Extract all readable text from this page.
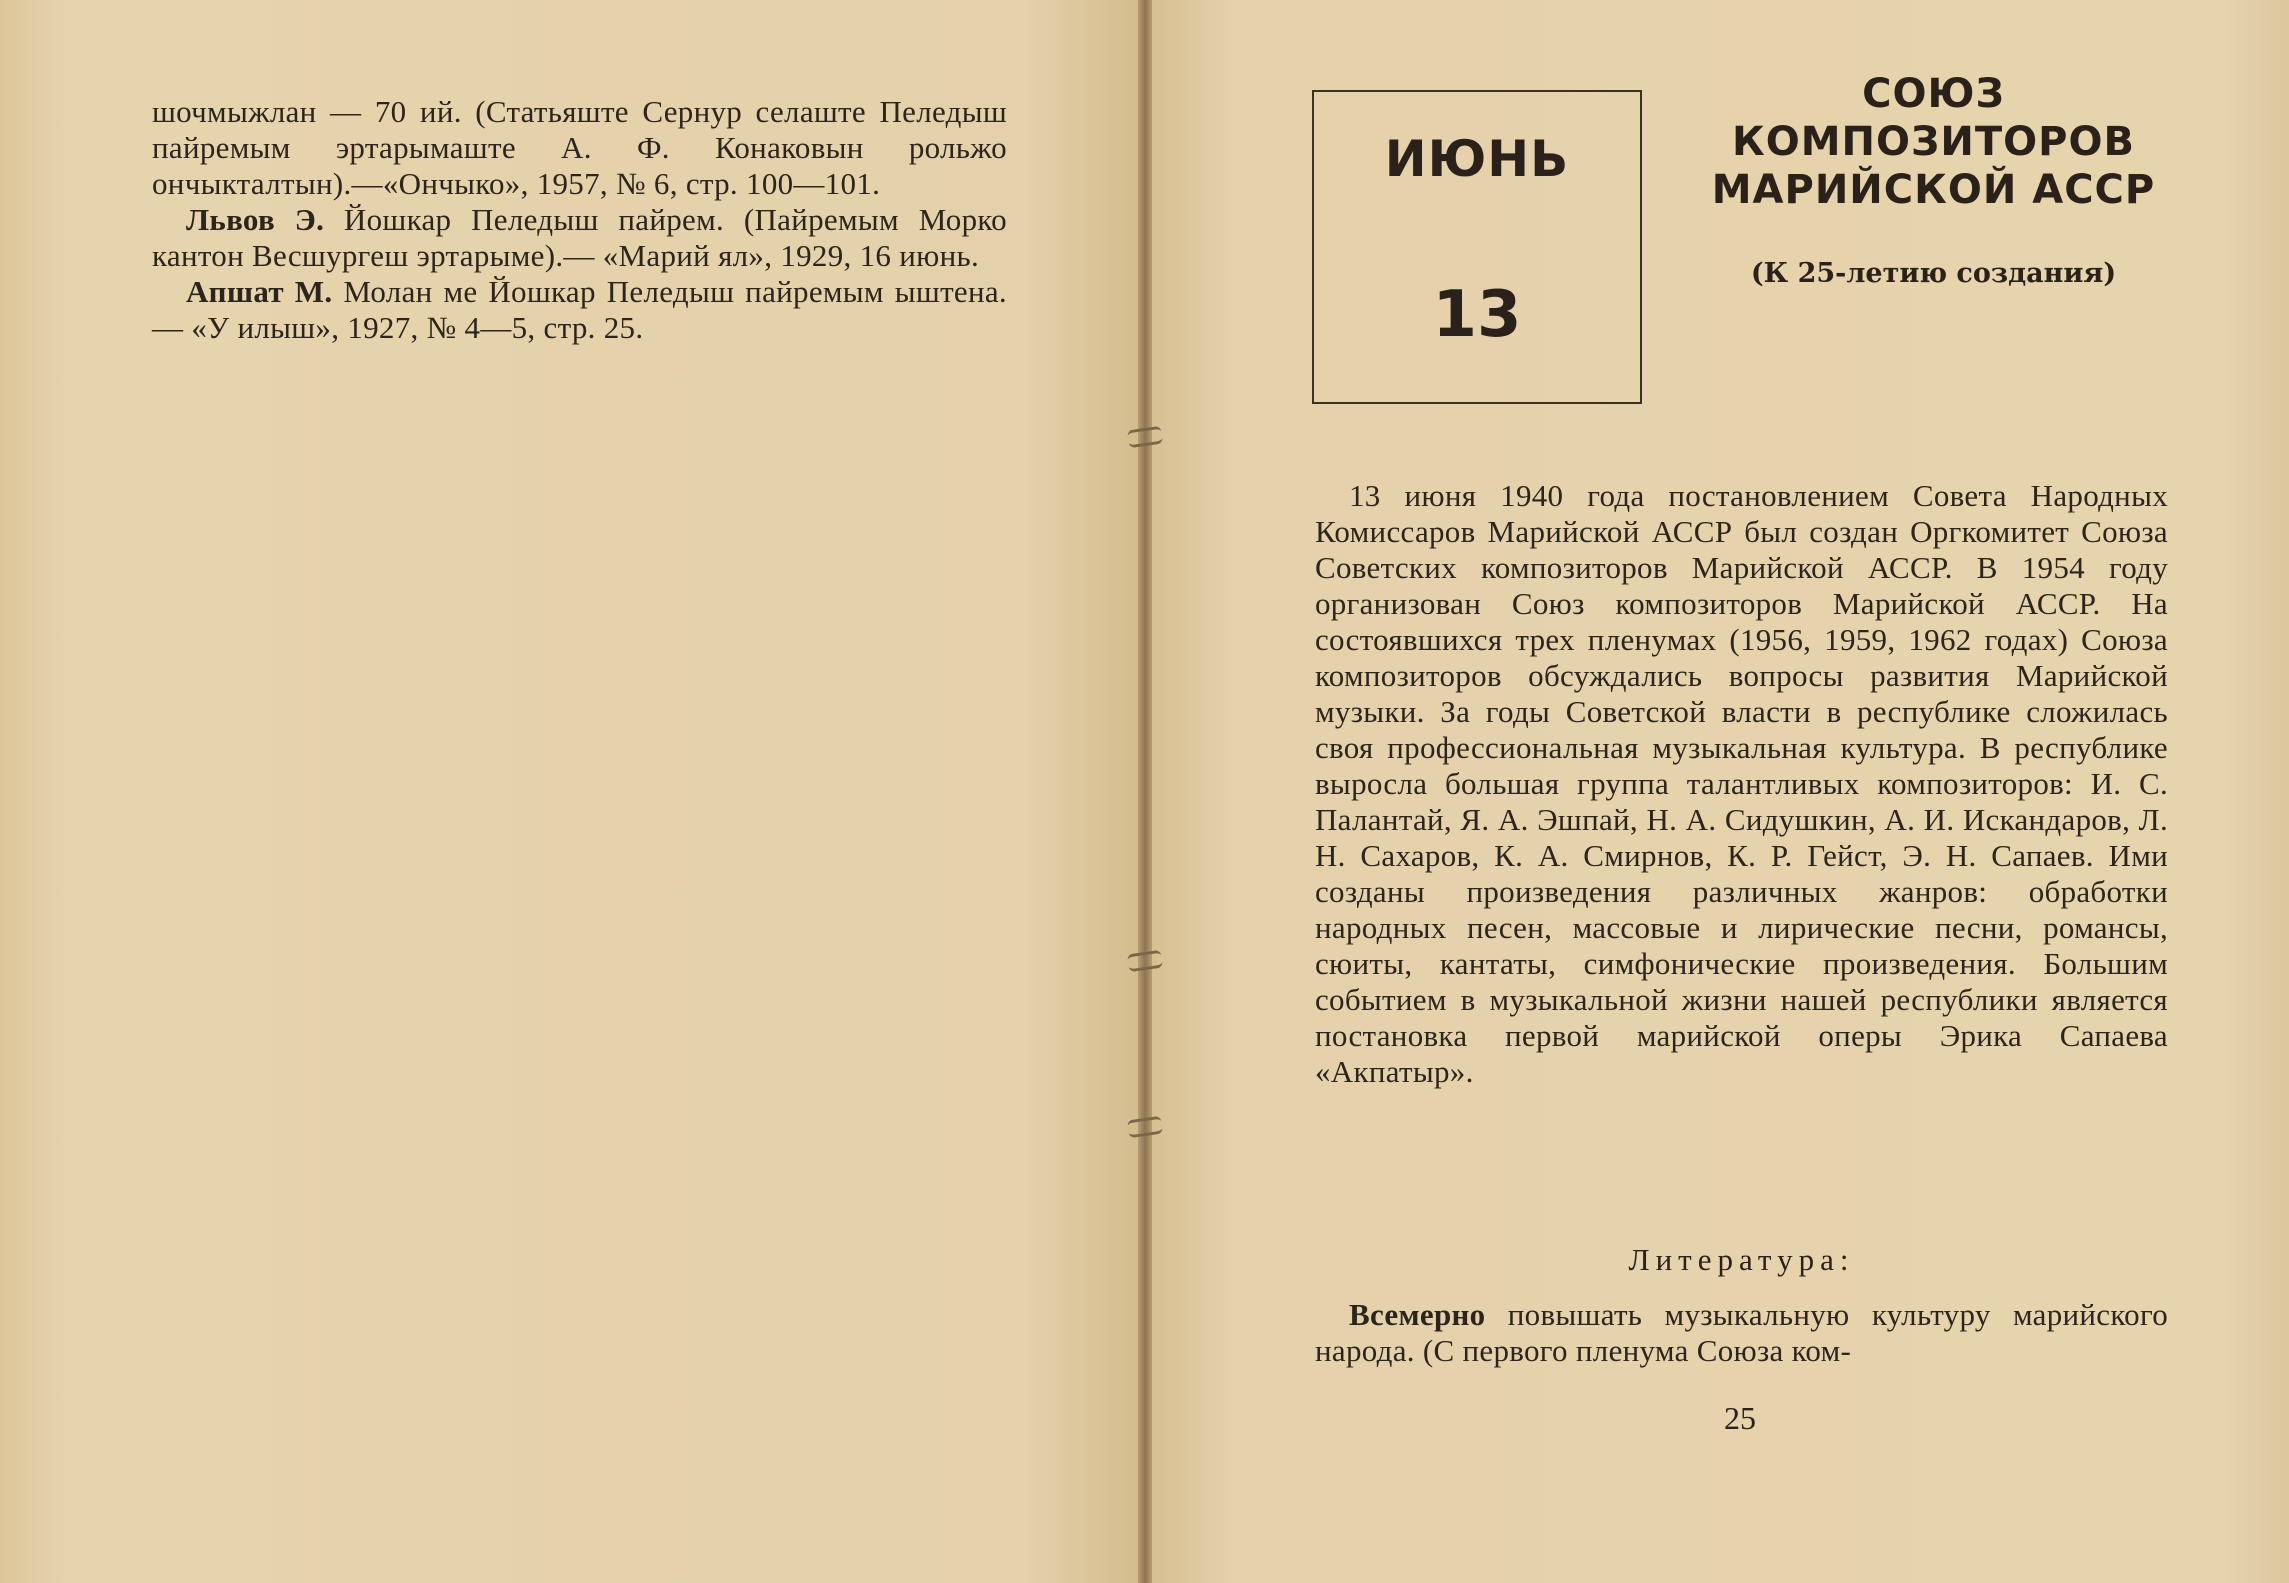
шочмыжлан — 70 ий. (Статьяште Сернур селаште Пеледыш пайремым эртарымаште А. Ф. Конаковын рольжо ончыкталтын).—«Ончыко», 1957, № 6, стр. 100—101.

Львов Э. Йошкар Пеледыш пайрем. (Пайремым Морко кантон Весшургеш эртарыме).— «Марий ял», 1929, 16 июнь.

Апшат М. Молан ме Йошкар Пеледыш пайремым ыштена.— «У илыш», 1927, № 4—5, стр. 25.

ИЮНЬ
13
СОЮЗ
КОМПОЗИТОРОВ
МАРИЙСКОЙ АССР
(К 25-летию создания)

13 июня 1940 года постановлением Совета Народных Комиссаров Марийской АССР был создан Оргкомитет Союза Советских композиторов Марийской АССР. В 1954 году организован Союз композиторов Марийской АССР. На состоявшихся трех пленумах (1956, 1959, 1962 годах) Союза композиторов обсуждались вопросы развития Марийской музыки. За годы Советской власти в республике сложилась своя профессиональная музыкальная культура. В республике выросла большая группа талантливых композиторов: И. С. Палантай, Я. А. Эшпай, Н. А. Сидушкин, А. И. Искандаров, Л. Н. Сахаров, К. А. Смирнов, К. Р. Гейст, Э. Н. Сапаев. Ими созданы произведения различных жанров: обработки народных песен, массовые и лирические песни, романсы, сюиты, кантаты, симфонические произведения. Большим событием в музыкальной жизни нашей республики является постановка первой марийской оперы Эрика Сапаева «Акпатыр».

Литература:

Всемерно повышать музыкальную культуру марийского народа. (С первого пленума Союза ком-

25
